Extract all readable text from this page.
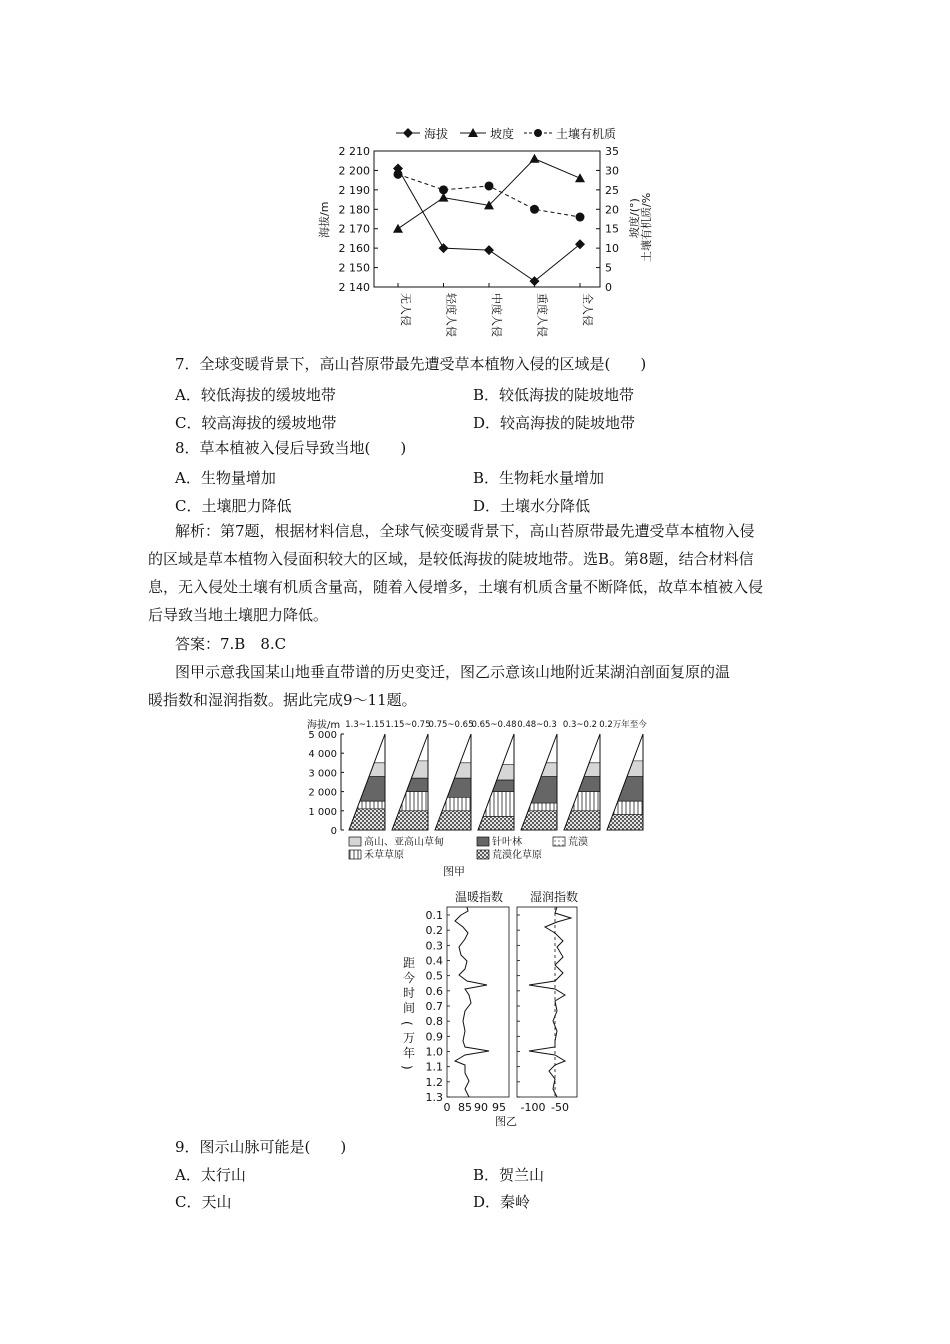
海拔	坡度	土壤有机质
2 210
2 200
2 190
2 180
2 170
2 160
2 150
2 140
35
30
25
20
15
10
5
0
海拔/m	坡度/(°) 土壤有机质/%
无人侵	轻度人侵	中度人侵	重度人侵	全人侵
7．全球变暖背景下，高山苔原带最先遭受草本植物入侵的区域是(　　)
A．较低海拔的缓坡地带	B．较低海拔的陡坡地带
C．较高海拔的缓坡地带	D．较高海拔的陡坡地带
8．草本植被入侵后导致当地(　　)
A．生物量增加	B．生物耗水量增加
C．土壤肥力降低	D．土壤水分降低
解析：第7题，根据材料信息，全球气候变暖背景下，高山苔原带最先遭受草本植物入侵
的区域是草本植物入侵面积较大的区域，是较低海拔的陡坡地带。选B。第8题，结合材料信
息，无入侵处土壤有机质含量高，随着入侵增多，土壤有机质含量不断降低，故草本植被入侵
后导致当地土壤肥力降低。
答案：7.B　8.C
图甲示意我国某山地垂直带谱的历史变迁，图乙示意该山地附近某湖泊剖面复原的温
暖指数和湿润指数。据此完成9～11题。
海拔/m
5 000
4 000
3 000
2 000
1 000
0
1.3~1.15 1.15~0.75
0.75~0.65
0.65~0.48 0.48~0.3 0.3~0.2 0.2万年至今
高山、亚高山草甸	针叶林	荒漠
禾草草原	荒漠化草原
图甲
温暖指数 湿润指数
距
今
时
间
(
万
年
)
0.1
0.2
0.3
0.4
0.5
0.6
0.7
0.8
0.9
1.0
1.1
1.2
1.3
0 85 90 95 -100 -50
图乙
9．图示山脉可能是(　　)
A．太行山	B．贺兰山
C．天山	D．秦岭
